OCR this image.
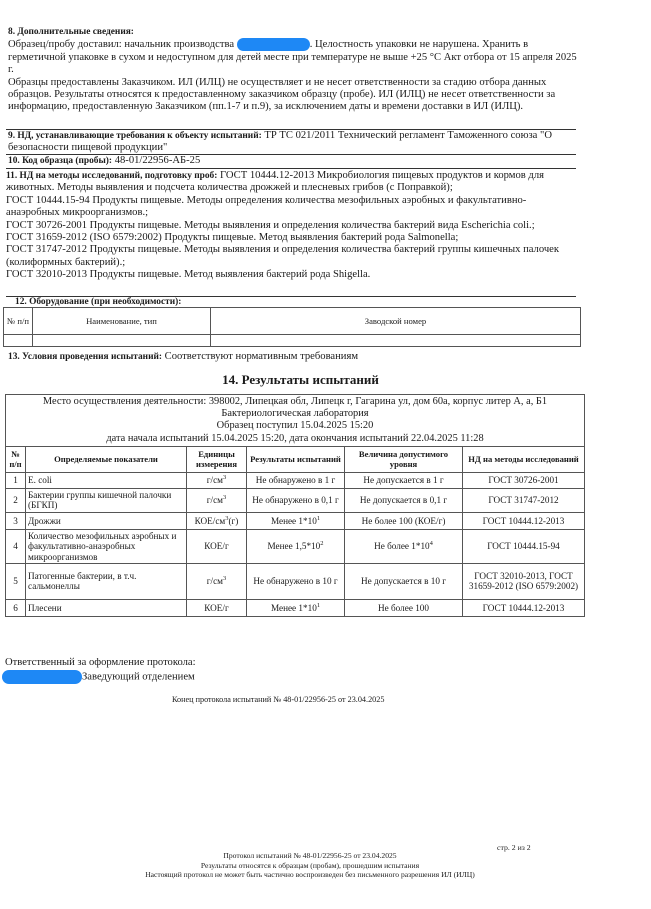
8. Дополнительные сведения:

Образец/пробу доставил: начальник производства	. Целостность упаковки не нарушена. Хранить в герметичной упаковке в сухом и недоступном для детей месте при температуре не выше +25 °C Акт отбора от 15 апреля 2025 г.

Образцы предоставлены Заказчиком. ИЛ (ИЛЦ) не осуществляет и не несет ответственности за стадию отбора данных образцов. Результаты относятся к предоставленному заказчиком образцу (пробе). ИЛ (ИЛЦ) не несет ответственности за информацию, предоставленную Заказчиком (пп.1-7 и п.9), за исключением даты и времени доставки в ИЛ (ИЛЦ).

9. НД, устанавливающие требования к объекту испытаний: ТР ТС 021/2011 Технический регламент Таможенного союза "О безопасности пищевой продукции"
10. Код образца (пробы): 48-01/22956-АБ-25
11. НД на методы исследований, подготовку проб: ГОСТ 10444.12-2013 Микробиология пищевых продуктов и кормов для животных. Методы выявления и подсчета количества дрожжей и плесневых грибов (с Поправкой);
ГОСТ 10444.15-94 Продукты пищевые. Методы определения количества мезофильных аэробных и факультативно-анаэробных микроорганизмов.;
ГОСТ 30726-2001 Продукты пищевые. Методы выявления и определения количества бактерий вида Escherichia coli.;
ГОСТ 31659-2012 (ISO 6579:2002) Продукты пищевые. Метод выявления бактерий рода Salmonella;
ГОСТ 31747-2012 Продукты пищевые. Методы выявления и определения количества бактерий группы кишечных палочек (колиформных бактерий).;
ГОСТ 32010-2013 Продукты пищевые. Метод выявления бактерий рода Shigella.
12. Оборудование (при необходимости):
№ п/п	Наименование, тип	Заводской номер

13. Условия проведения испытаний: Соответствуют нормативным требованиям
14. Результаты испытаний
Место осуществления деятельности: 398002, Липецкая обл, Липецк г, Гагарина ул, дом 60а, корпус литер А, а, Б1
Бактериологическая лаборатория
Образец поступил 15.04.2025 15:20
дата начала испытаний 15.04.2025 15:20, дата окончания испытаний 22.04.2025 11:28					

№ п/п	Определяемые показатели	Единицы измерения	Результаты испытаний	Величина допустимого уровня	НД на методы исследований
1	E. coli	$г/см^3$	Не обнаружено в 1 г	Не допускается в 1 г	ГОСТ 30726-2001
2	Бактерии группы кишечной палочки (БГКП)	$г/см^3$	Не обнаружено в 0,1 г	Не допускается в 0,1 г	ГОСТ 31747-2012
3	Дрожжи	КОЕ/$см^3(г)$	Менее $1*10^1$	Не более 100 (КОЕ/г)	ГОСТ 10444.12-2013
4	Количество мезофильных аэробных и факультативно-анаэробных микроорганизмов	КОЕ/г	Менее $1,5*10^2$	Не более $1*10^4$	ГОСТ 10444.15-94
5	Патогенные бактерии, в т.ч. сальмонеллы	$г/см^3$	Не обнаружено в 10 г	Не допускается в 10 г	ГОСТ 32010-2013, ГОСТ 31659-2012 (ISO 6579:2002)
6	Плесени	КОЕ/г	Менее $1*10^1$	Не более 100	ГОСТ 10444.12-2013
Ответственный за оформление протокола:
Заведующий отделением
Конец протокола испытаний № 48-01/22956-25 от 23.04.2025
стр. 2 из 2
Протокол испытаний № 48-01/22956-25 от 23.04.2025
Результаты относятся к образцам (пробам), прошедшим испытания
Настоящий протокол не может быть частично воспроизведен без письменного разрешения ИЛ (ИЛЦ)
